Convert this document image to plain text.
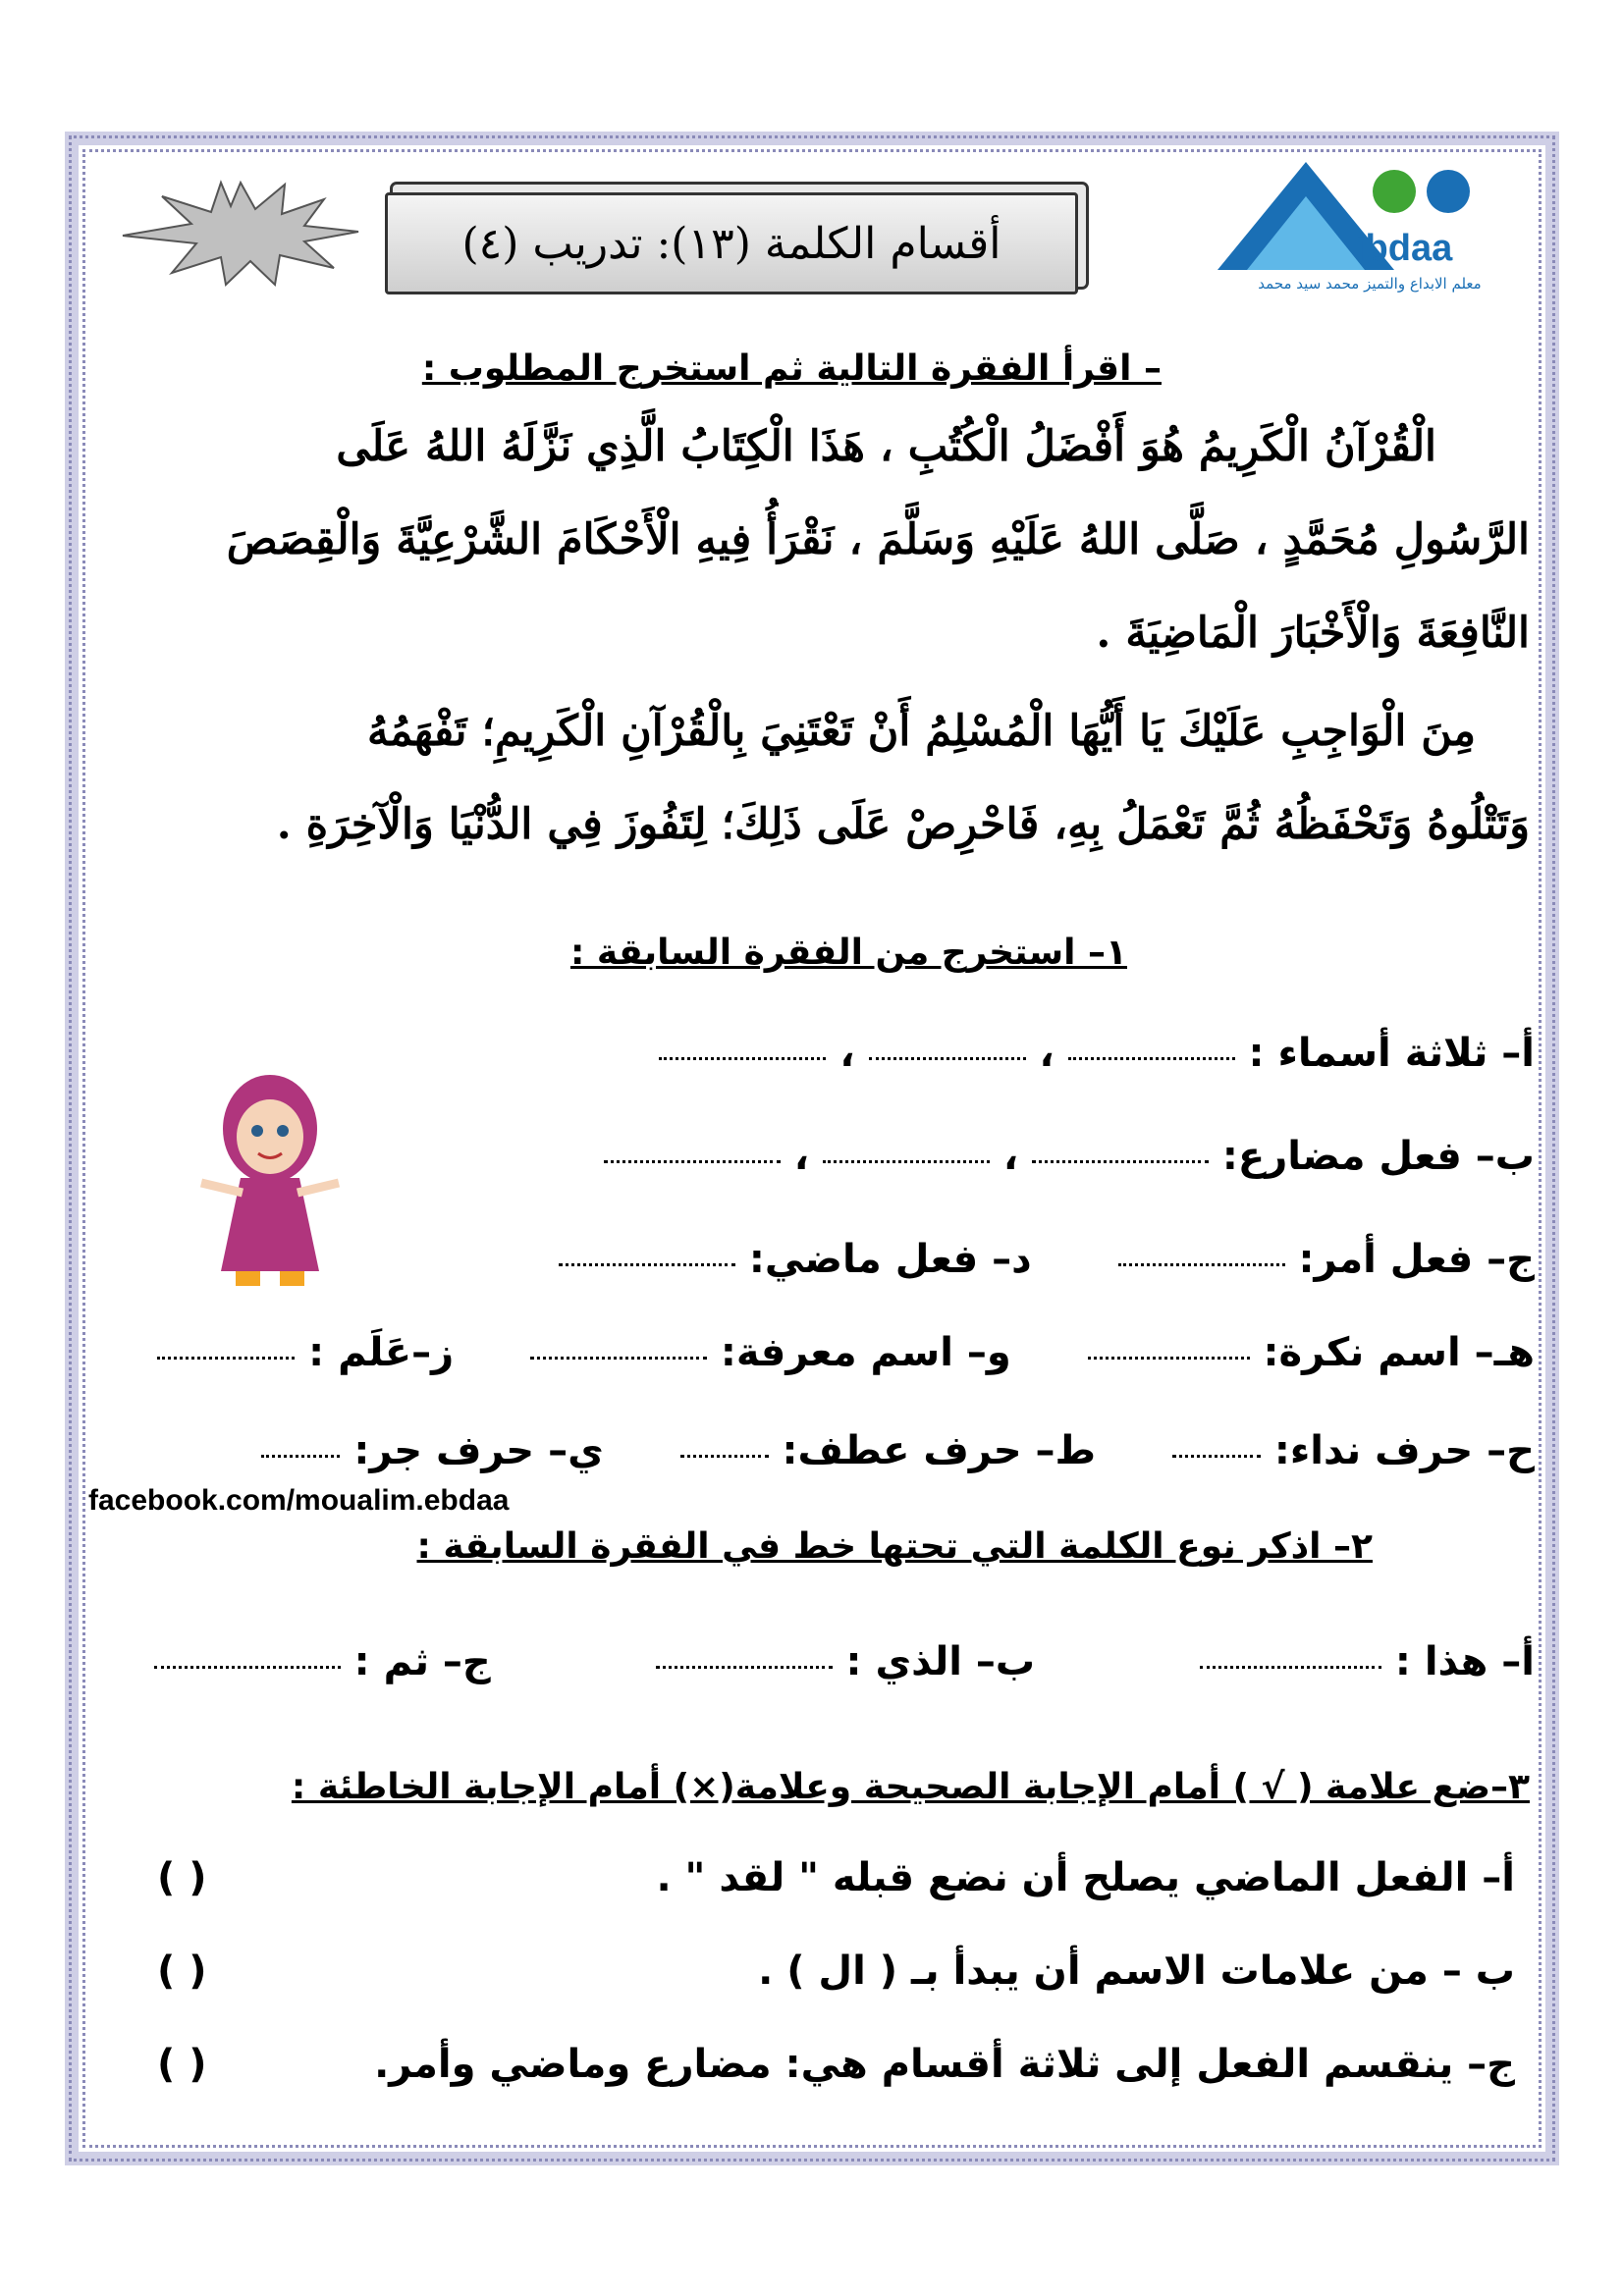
ibdaa
معلم الابداع والتميز محمد سيد محمد
أقسام الكلمة (١٣): تدريب (٤)
– اقرأ الفقرة التالية ثم استخرج المطلوب :
الْقُرْآنُ الْكَرِيمُ هُوَ أَفْضَلُ الْكُتُبِ ، هَذَا الْكِتَابُ الَّذِي نَزَّلَهُ اللهُ عَلَى
الرَّسُولِ مُحَمَّدٍ ، صَلَّى اللهُ عَلَيْهِ وَسَلَّمَ ، نَقْرَأُ فِيهِ الْأَحْكَامَ الشَّرْعِيَّةَ وَالْقِصَصَ
النَّافِعَةَ وَالْأَخْبَارَ الْمَاضِيَةَ .
مِنَ الْوَاجِبِ عَلَيْكَ يَا أَيُّهَا الْمُسْلِمُ أَنْ تَعْتَنِيَ بِالْقُرْآنِ الْكَرِيمِ؛ تَفْهَمُهُ
وَتَتْلُوهُ وَتَحْفَظُهُ ثُمَّ تَعْمَلُ بِهِ، فَاحْرِصْ عَلَى ذَلِكَ؛ لِتَفُوزَ فِي الدُّنْيَا وَالْآخِرَةِ .
١– استخرج من الفقرة السابقة :
أ– ثلاثة أسماء :  ،  ،
ب– فعل مضارع:  ،  ،
ج– فعل أمر:   د– فعل ماضي:
هـ– اسم نكرة:   و– اسم معرفة:   ز–عَلَم :
ح– حرف نداء:   ط– حرف عطف:   ي– حرف جر:
facebook.com/moualim.ebdaa
٢– اذكر نوع الكلمة التي تحتها خط في الفقرة السابقة :
أ– هذا :   ب– الذي :   ج– ثم :
٣–ضع علامة ( √ ) أمام الإجابة الصحيحة وعلامة(×) أمام الإجابة الخاطئة :
أ– الفعل الماضي يصلح أن نضع قبله " لقد " .
( )
ب – من علامات الاسم أن يبدأ بـ ( ال ) .
( )
ج– ينقسم الفعل إلى ثلاثة أقسام هي: مضارع وماضي وأمر.
( )
